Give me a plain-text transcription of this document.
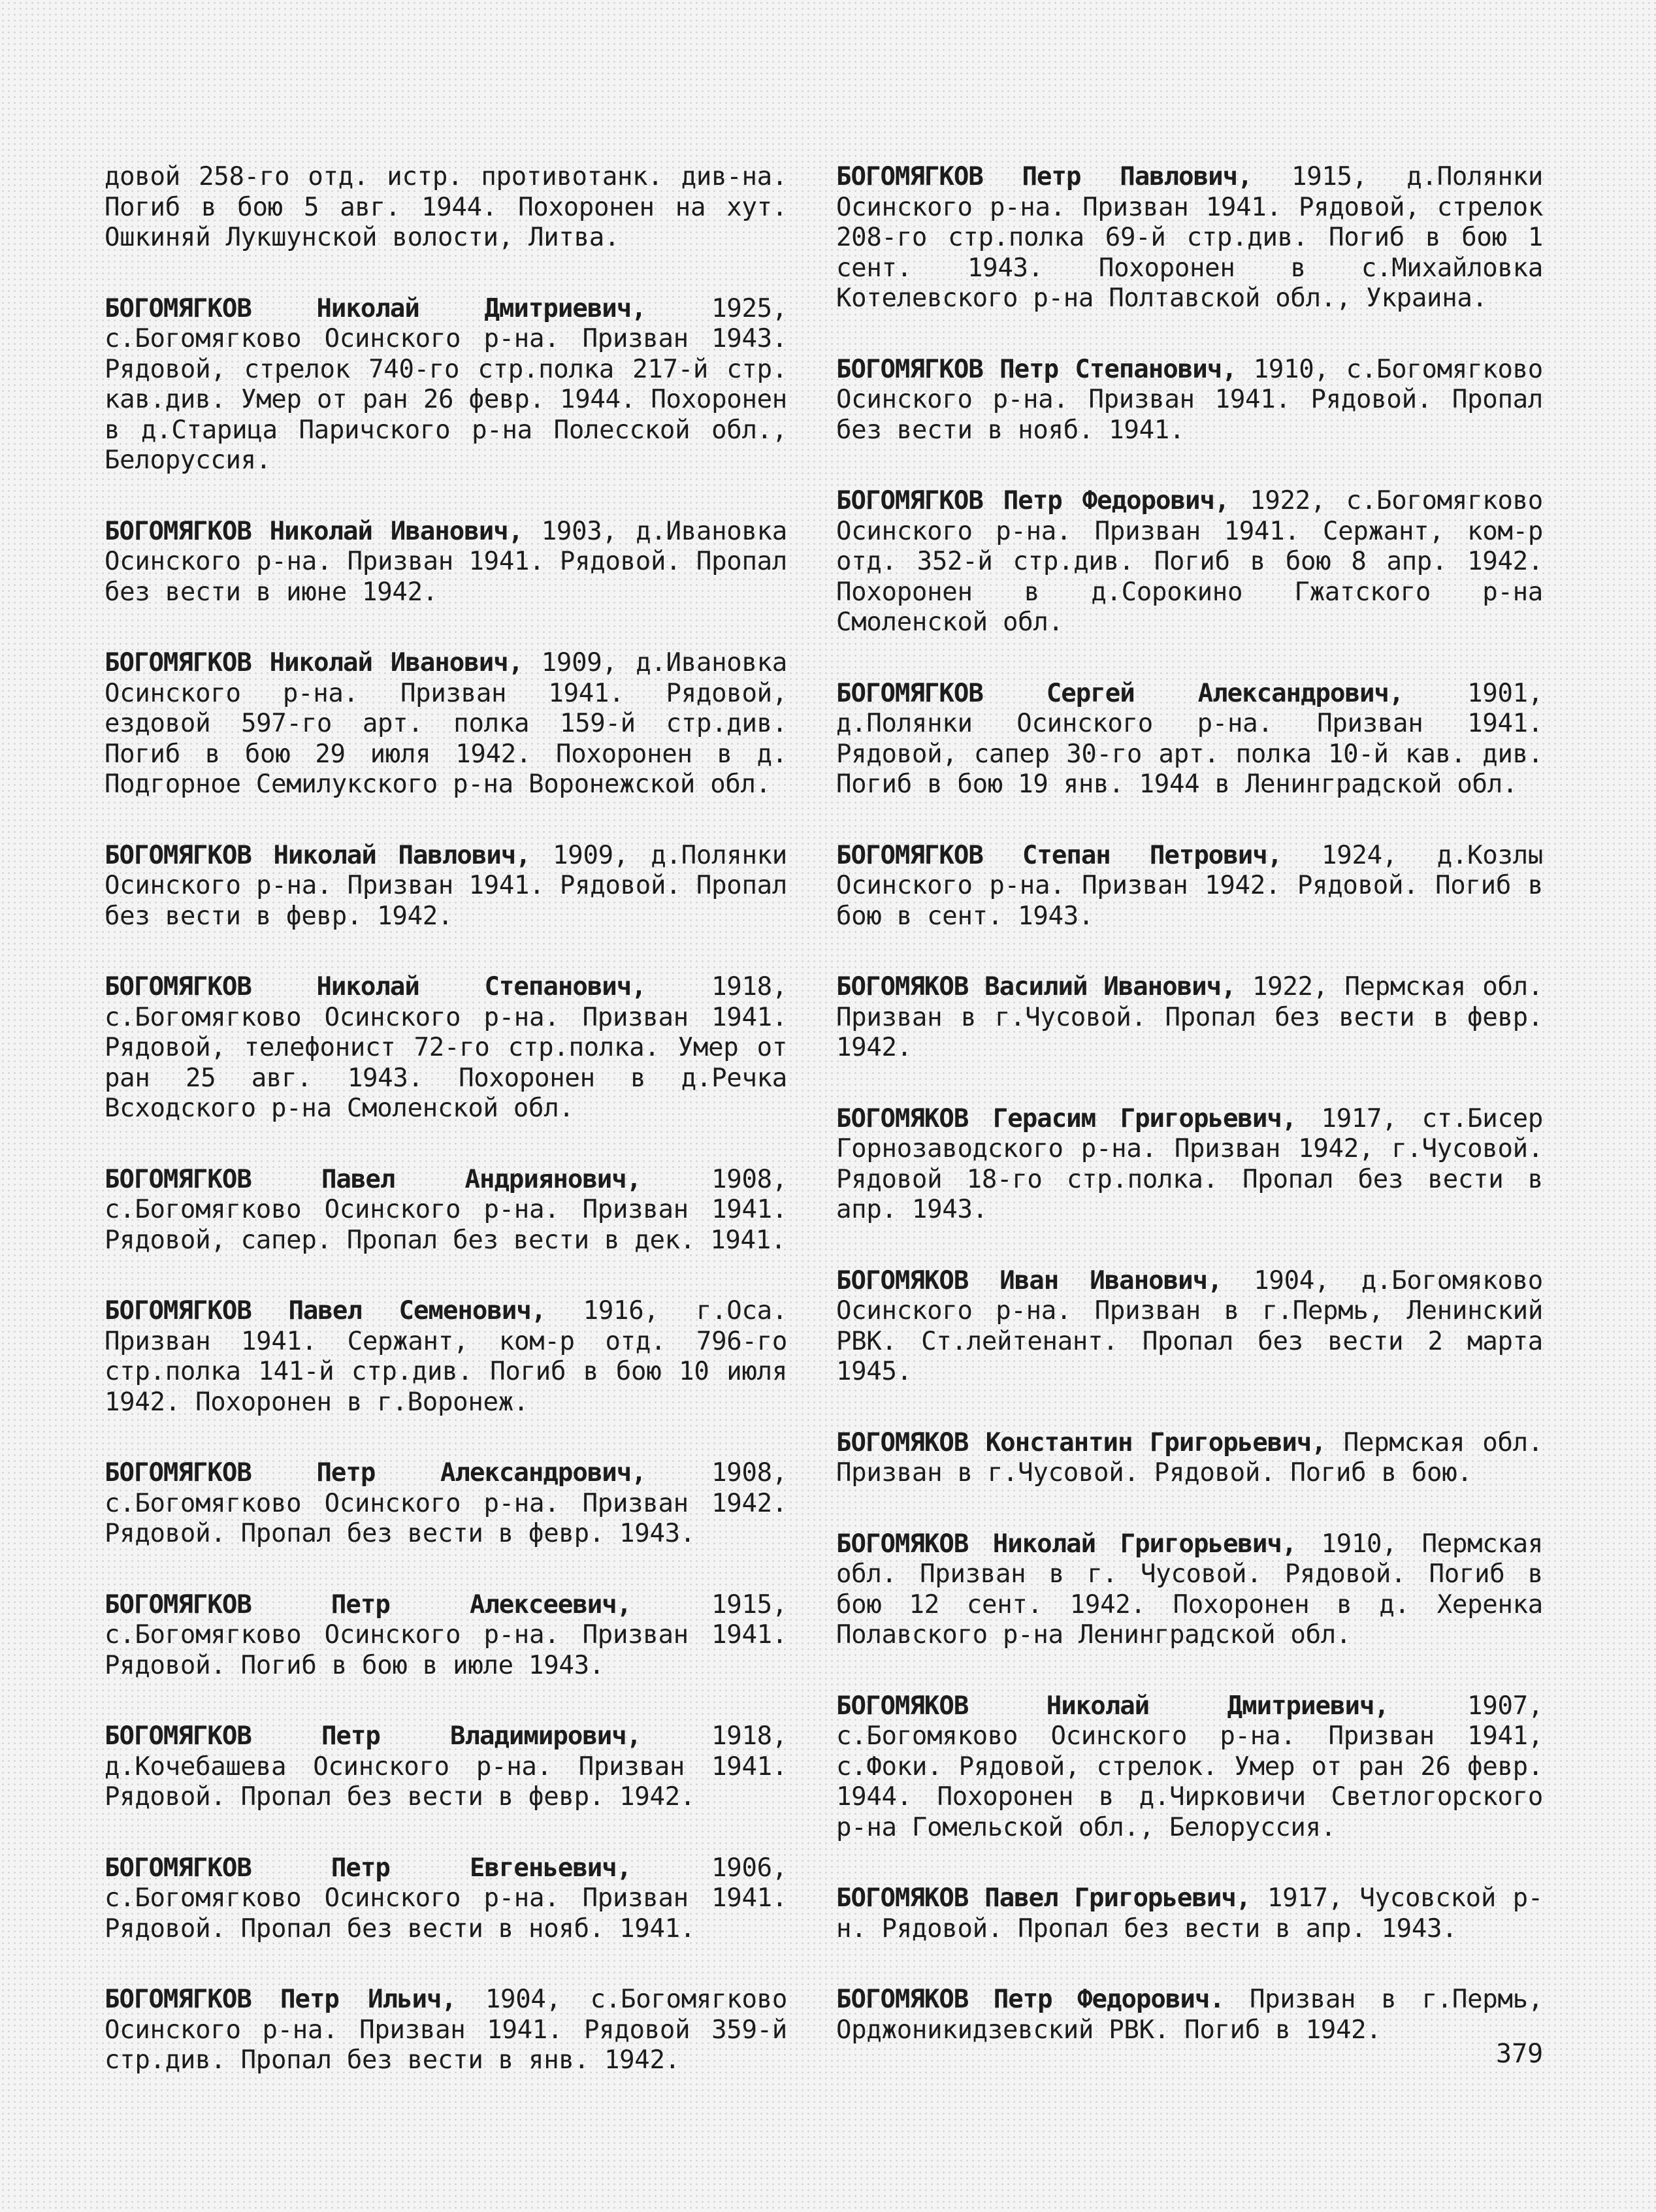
довой 258-го отд. истр. противотанк. див-на. Погиб в бою 5 авг. 1944. Похоронен на хут. Ошкиняй Лукшунской волости, Литва.

БОГОМЯГКОВ Николай Дмитриевич, 1925, с.Богомягково Осинского р-на. Призван 1943. Рядовой, стрелок 740-го стр.полка 217-й стр. кав.див. Умер от ран 26 февр. 1944. Похоронен в д.Старица Паричского р-на Полесской обл., Белоруссия.

БОГОМЯГКОВ Николай Иванович, 1903, д.Ивановка Осинского р-на. Призван 1941. Рядовой. Пропал без вести в июне 1942.

БОГОМЯГКОВ Николай Иванович, 1909, д.Ивановка Осинского р-на. Призван 1941. Рядовой, ездовой 597-го арт. полка 159-й стр.див. Погиб в бою 29 июля 1942. Похоронен в д. Подгорное Семилукского р-на Воронежской обл.

БОГОМЯГКОВ Николай Павлович, 1909, д.Полянки Осинского р-на. Призван 1941. Рядовой. Пропал без вести в февр. 1942.

БОГОМЯГКОВ Николай Степанович, 1918, с.Богомягково Осинского р-на. Призван 1941. Рядовой, телефонист 72-го стр.полка. Умер от ран 25 авг. 1943. Похоронен в д.Речка Всходского р-на Смоленской обл.

БОГОМЯГКОВ Павел Андриянович, 1908, с.Богомягково Осинского р-на. Призван 1941. Рядовой, сапер. Пропал без вести в дек. 1941.

БОГОМЯГКОВ Павел Семенович, 1916, г.Оса. Призван 1941. Сержант, ком-р отд. 796-го стр.полка 141-й стр.див. Погиб в бою 10 июля 1942. Похоронен в г.Воронеж.

БОГОМЯГКОВ Петр Александрович, 1908, с.Богомягково Осинского р-на. Призван 1942. Рядовой. Пропал без вести в февр. 1943.

БОГОМЯГКОВ Петр Алексеевич, 1915, с.Богомягково Осинского р-на. Призван 1941. Рядовой. Погиб в бою в июле 1943.

БОГОМЯГКОВ Петр Владимирович, 1918, д.Кочебашева Осинского р-на. Призван 1941. Рядовой. Пропал без вести в февр. 1942.

БОГОМЯГКОВ Петр Евгеньевич, 1906, с.Богомягково Осинского р-на. Призван 1941. Рядовой. Пропал без вести в нояб. 1941.

БОГОМЯГКОВ Петр Ильич, 1904, с.Богомягково Осинского р-на. Призван 1941. Рядовой 359-й стр.див. Пропал без вести в янв. 1942.

БОГОМЯГКОВ Петр Павлович, 1915, д.Полянки Осинского р-на. Призван 1941. Рядовой, стрелок 208-го стр.полка 69-й стр.див. Погиб в бою 1 сент. 1943. Похоронен в с.Михайловка Котелевского р-на Полтавской обл., Украина.

БОГОМЯГКОВ Петр Степанович, 1910, с.Богомягково Осинского р-на. Призван 1941. Рядовой. Пропал без вести в нояб. 1941.

БОГОМЯГКОВ Петр Федорович, 1922, с.Богомягково Осинского р-на. Призван 1941. Сержант, ком-р отд. 352-й стр.див. Погиб в бою 8 апр. 1942. Похоронен в д.Сорокино Гжатского р-на Смоленской обл.

БОГОМЯГКОВ Сергей Александрович, 1901, д.Полянки Осинского р-на. Призван 1941. Рядовой, сапер 30-го арт. полка 10-й кав. див. Погиб в бою 19 янв. 1944 в Ленинградской обл.

БОГОМЯГКОВ Степан Петрович, 1924, д.Козлы Осинского р-на. Призван 1942. Рядовой. Погиб в бою в сент. 1943.

БОГОМЯКОВ Василий Иванович, 1922, Пермская обл. Призван в г.Чусовой. Пропал без вести в февр. 1942.

БОГОМЯКОВ Герасим Григорьевич, 1917, ст.Бисер Горнозаводского р-на. Призван 1942, г.Чусовой. Рядовой 18-го стр.полка. Пропал без вести в апр. 1943.

БОГОМЯКОВ Иван Иванович, 1904, д.Богомяково Осинского р-на. Призван в г.Пермь, Ленинский РВК. Ст.лейтенант. Пропал без вести 2 марта 1945.

БОГОМЯКОВ Константин Григорьевич, Пермская обл. Призван в г.Чусовой. Рядовой. Погиб в бою.

БОГОМЯКОВ Николай Григорьевич, 1910, Пермская обл. Призван в г. Чусовой. Рядовой. Погиб в бою 12 сент. 1942. Похоронен в д. Херенка Полавского р-на Ленинградской обл.

БОГОМЯКОВ Николай Дмитриевич, 1907, с.Богомяково Осинского р-на. Призван 1941, с.Фоки. Рядовой, стрелок. Умер от ран 26 февр. 1944. Похоронен в д.Чирковичи Светлогорского р-на Гомельской обл., Белоруссия.

БОГОМЯКОВ Павел Григорьевич, 1917, Чусовской р-н. Рядовой. Пропал без вести в апр. 1943.

БОГОМЯКОВ Петр Федорович. Призван в г.Пермь, Орджоникидзевский РВК. Погиб в 1942.

379
